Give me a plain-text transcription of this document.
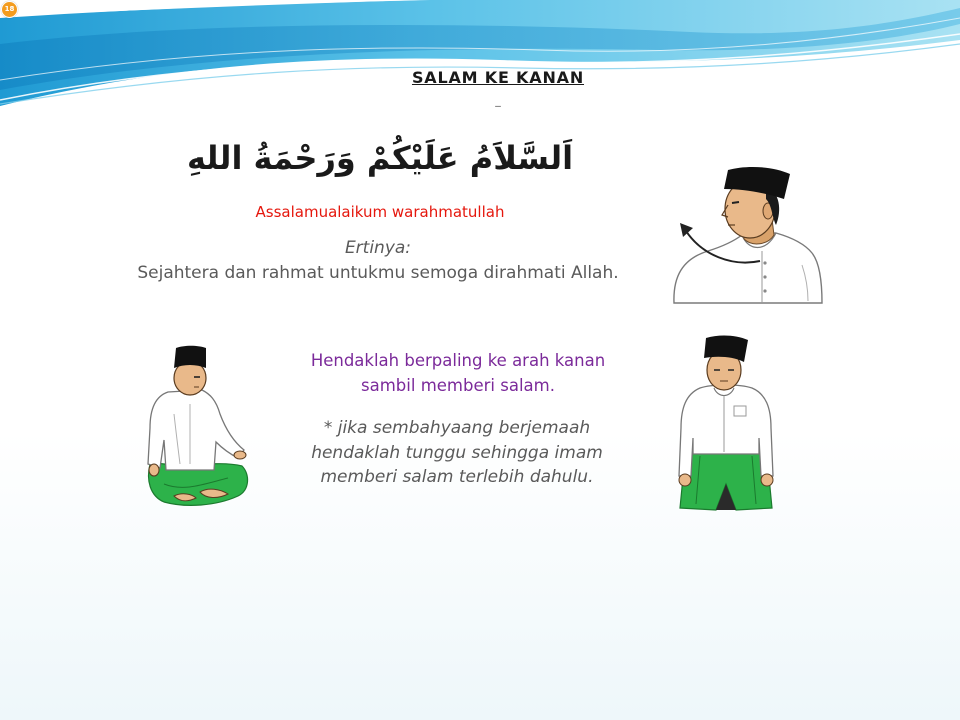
18
SALAM KE KANAN
_
اَلسَّلاَمُ عَلَيْكُمْ وَرَحْمَةُ اللهِ
Assalamualaikum warahmatullah
Ertinya:
Sejahtera dan rahmat untukmu semoga dirahmati Allah.
Hendaklah berpaling ke arah kanan
sambil memberi salam.
* jika sembahyaang berjemaah
hendaklah tunggu sehingga imam
memberi salam terlebih dahulu.
